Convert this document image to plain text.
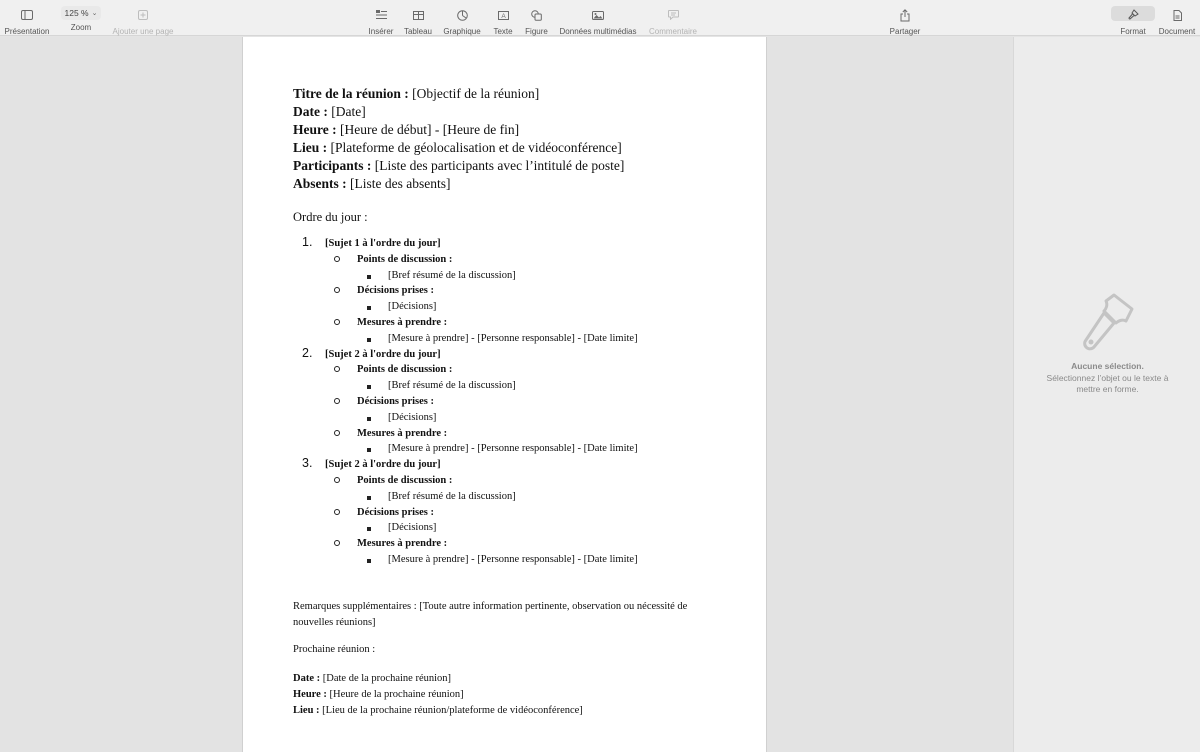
Présentation
125 % ⌄
Zoom	Ajouter une page	Insérer Tableau Graphique
A
Texte Figure Données multimédias Commentaire	Partager	Format Document
Titre de la réunion : [Objectif de la réunion]
Date : [Date]
Heure : [Heure de début] - [Heure de fin]
Lieu : [Plateforme de géolocalisation et de vidéoconférence]
Participants : [Liste des participants avec l’intitulé de poste]
Absents : [Liste des absents]
Ordre du jour :
1. [Sujet 1 à l'ordre du jour]
Points de discussion :
[Bref résumé de la discussion]
Décisions prises :
[Décisions]
Mesures à prendre :
[Mesure à prendre] - [Personne responsable] - [Date limite]
2. [Sujet 2 à l'ordre du jour]
Points de discussion :
[Bref résumé de la discussion]
Décisions prises :
[Décisions]
Mesures à prendre :
[Mesure à prendre] - [Personne responsable] - [Date limite]
3. [Sujet 2 à l'ordre du jour]
Points de discussion :
[Bref résumé de la discussion]
Décisions prises :
[Décisions]
Mesures à prendre :
[Mesure à prendre] - [Personne responsable] - [Date limite]
Remarques supplémentaires : [Toute autre information pertinente, observation ou nécessité de nouvelles réunions]
Prochaine réunion :
Date : [Date de la prochaine réunion]
Heure : [Heure de la prochaine réunion]
Lieu : [Lieu de la prochaine réunion/plateforme de vidéoconférence]
Aucune sélection.
Sélectionnez l’objet ou le texte à mettre en forme.
